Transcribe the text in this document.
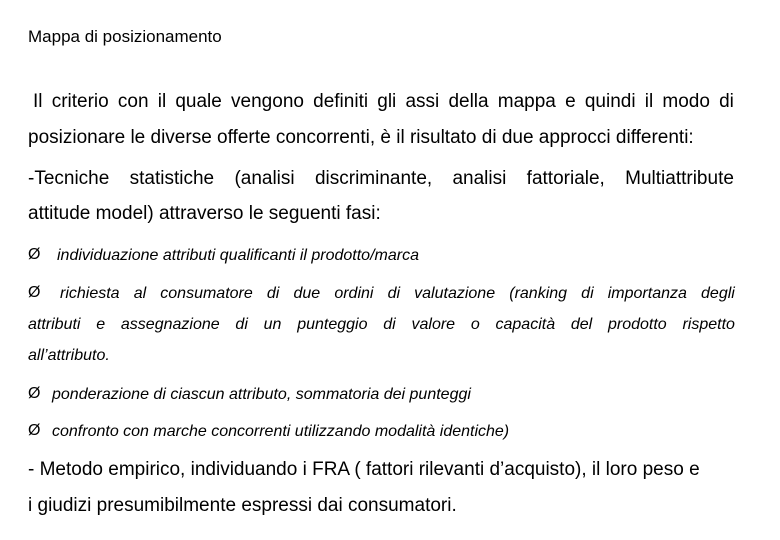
Mappa di posizionamento
Il criterio con il quale vengono definiti gli assi della mappa e quindi il modo di
posizionare le diverse offerte concorrenti, è il risultato di due approcci differenti:
-Tecniche statistiche (analisi discriminante, analisi fattoriale, Multiattribute
attitude model) attraverso le seguenti fasi:
Ø individuazione attributi qualificanti il prodotto/marca
Ø richiesta al consumatore di due ordini di valutazione (ranking di importanza degli
attributi e assegnazione di un punteggio di valore o capacità del prodotto rispetto
all’attributo.
Ø ponderazione di ciascun attributo, sommatoria dei punteggi
Ø confronto con marche concorrenti utilizzando modalità identiche)
- Metodo empirico, individuando i FRA ( fattori rilevanti d’acquisto), il loro peso e
i giudizi presumibilmente espressi dai consumatori.
